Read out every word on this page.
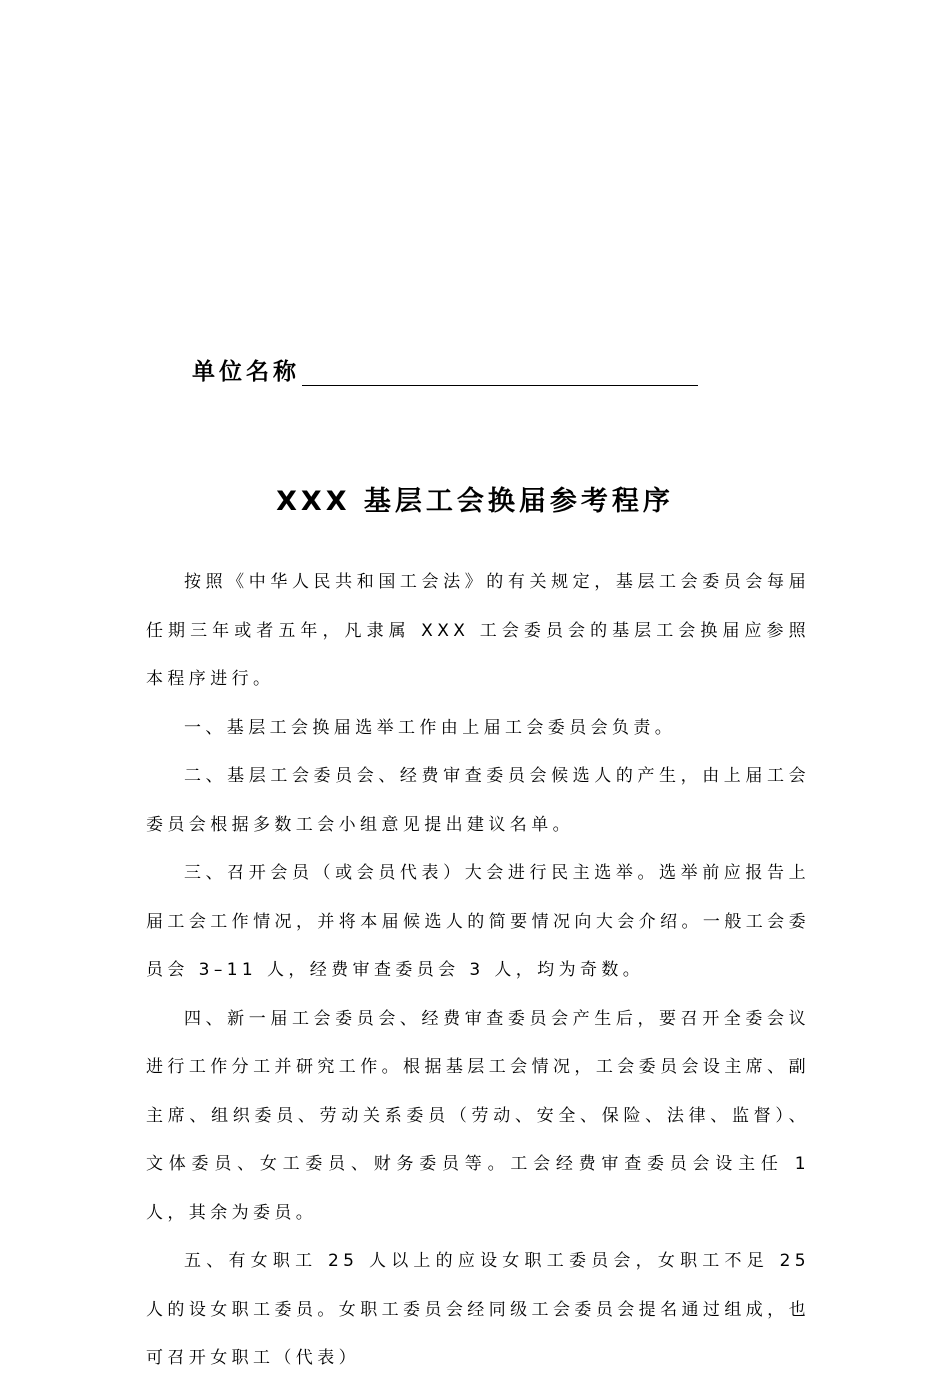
单位名称
XXX 基层工会换届参考程序

按照《中华人民共和国工会法》的有关规定，基层工会委员会每届任期三年或者五年，凡隶属 XXX 工会委员会的基层工会换届应参照本程序进行。

一、基层工会换届选举工作由上届工会委员会负责。

二、基层工会委员会、经费审查委员会候选人的产生，由上届工会委员会根据多数工会小组意见提出建议名单。

三、召开会员（或会员代表）大会进行民主选举。选举前应报告上届工会工作情况，并将本届候选人的简要情况向大会介绍。一般工会委员会 3–11 人，经费审查委员会 3 人，均为奇数。

四、新一届工会委员会、经费审查委员会产生后，要召开全委会议进行工作分工并研究工作。根据基层工会情况，工会委员会设主席、副主席、组织委员、劳动关系委员（劳动、安全、保险、法律、监督）、文体委员、女工委员、财务委员等。工会经费审查委员会设主任 1 人，其余为委员。

五、有女职工 25 人以上的应设女职工委员会，女职工不足 25 人的设女职工委员。女职工委员会经同级工会委员会提名通过组成，也可召开女职工（代表）
